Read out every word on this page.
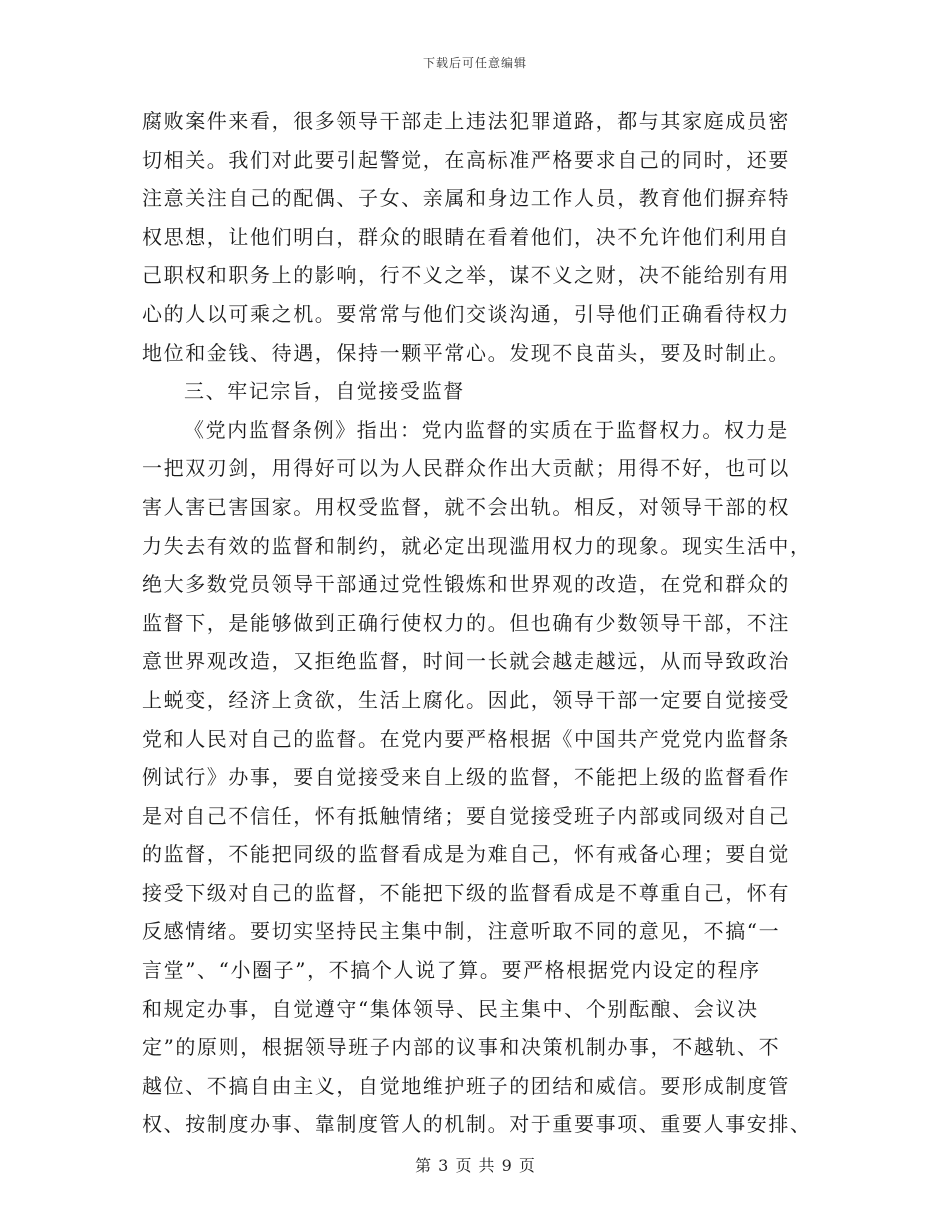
下载后可任意编辑
腐败案件来看，很多领导干部走上违法犯罪道路，都与其家庭成员密
切相关。我们对此要引起警觉，在高标准严格要求自己的同时，还要
注意关注自己的配偶、子女、亲属和身边工作人员，教育他们摒弃特
权思想，让他们明白，群众的眼睛在看着他们，决不允许他们利用自
己职权和职务上的影响，行不义之举，谋不义之财，决不能给别有用
心的人以可乘之机。要常常与他们交谈沟通，引导他们正确看待权力
地位和金钱、待遇，保持一颗平常心。发现不良苗头，要及时制止。
三、牢记宗旨，自觉接受监督
《党内监督条例》指出：党内监督的实质在于监督权力。权力是
一把双刃剑，用得好可以为人民群众作出大贡献；用得不好，也可以
害人害已害国家。用权受监督，就不会出轨。相反，对领导干部的权
力失去有效的监督和制约，就必定出现滥用权力的现象。现实生活中，
绝大多数党员领导干部通过党性锻炼和世界观的改造，在党和群众的
监督下，是能够做到正确行使权力的。但也确有少数领导干部，不注
意世界观改造，又拒绝监督，时间一长就会越走越远，从而导致政治
上蜕变，经济上贪欲，生活上腐化。因此，领导干部一定要自觉接受
党和人民对自己的监督。在党内要严格根据《中国共产党党内监督条
例试行》办事，要自觉接受来自上级的监督，不能把上级的监督看作
是对自己不信任，怀有抵触情绪；要自觉接受班子内部或同级对自己
的监督，不能把同级的监督看成是为难自己，怀有戒备心理；要自觉
接受下级对自己的监督，不能把下级的监督看成是不尊重自己，怀有
反感情绪。要切实坚持民主集中制，注意听取不同的意见，不搞“一
言堂”、“小圈子”，不搞个人说了算。要严格根据党内设定的程序
和规定办事，自觉遵守“集体领导、民主集中、个别酝酿、会议决
定”的原则，根据领导班子内部的议事和决策机制办事，不越轨、不
越位、不搞自由主义，自觉地维护班子的团结和威信。要形成制度管
权、按制度办事、靠制度管人的机制。对于重要事项、重要人事安排、
第 3 页 共 9 页
